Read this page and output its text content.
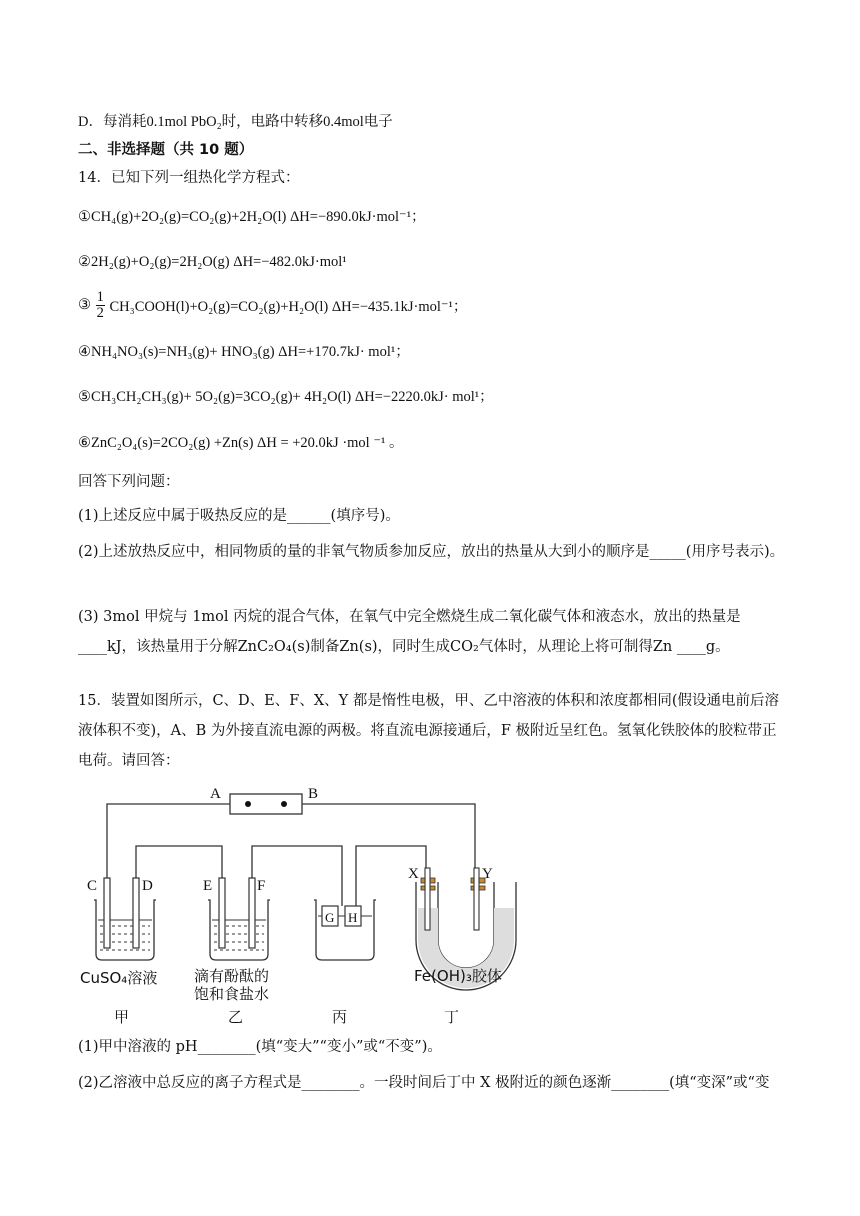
D．每消耗0.1mol PbO₂时，电路中转移0.4mol电子
二、非选择题（共 10 题）
14．已知下列一组热化学方程式：
①CH₄(g)+2O₂(g)=CO₂(g)+2H₂O(l) ΔH=−890.0kJ·mol⁻¹；
②2H₂(g)+O₂(g)=2H₂O(g) ΔH=−482.0kJ·mol¹
③ $\frac{1}{2}$ CH₃COOH(l)+O₂(g)=CO₂(g)+H₂O(l) ΔH=−435.1kJ·mol⁻¹；
④NH₄NO₃(s)=NH₃(g)+ HNO₃(g) ΔH=+170.7kJ· mol¹；
⑤CH₃CH₂CH₃(g)+ 5O₂(g)=3CO₂(g)+ 4H₂O(l) ΔH=−2220.0kJ· mol¹；
⑥ZnC₂O₄(s)=2CO₂(g) +Zn(s) ΔH = +20.0kJ ·mol ⁻¹ 。
回答下列问题：
(1)上述反应中属于吸热反应的是______(填序号)。
(2)上述放热反应中，相同物质的量的非氧气物质参加反应，放出的热量从大到小的顺序是_____(用序号表示)。
(3) 3mol 甲烷与 1mol 丙烷的混合气体，在氧气中完全燃烧生成二氧化碳气体和液态水，放出的热量是____kJ，该热量用于分解ZnC₂O₄(s)制备Zn(s)，同时生成CO₂气体时，从理论上将可制得Zn ____g。
15．装置如图所示，C、D、E、F、X、Y 都是惰性电极，甲、乙中溶液的体积和浓度都相同(假设通电前后溶液体积不变)，A、B 为外接直流电源的两极。将直流电源接通后，F 极附近呈红色。氢氧化铁胶体的胶粒带正电荷。请回答：
A	B
C	D	E	F
X	Y
G H
CuSO₄溶液 滴有酚酞的
饱和食盐水
Fe(OH)₃胶体
甲	乙	丙	丁
(1)甲中溶液的 pH________(填“变大”“变小”或“不变”)。
(2)乙溶液中总反应的离子方程式是________。一段时间后丁中 X 极附近的颜色逐渐________(填“变深”或“变
